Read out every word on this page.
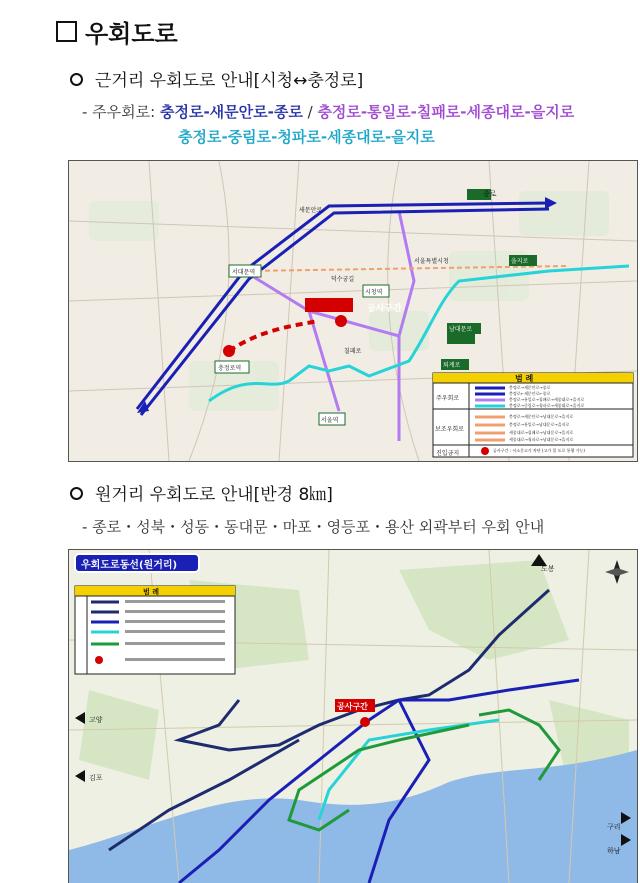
우회도로
근거리 우회도로 안내[시청↔충정로]
- 주우회로: 충정로-새문안로-종로 / 충정로-통일로-칠패로-세종대로-을지로
충정로-중림로-청파로-세종대로-을지로
종로
공사구간
서대문역
충정로역
시청역
을지로
남대문로
퇴계로
서울역
새문안로
서울특별시청
칠패로
덕수궁길
범 례
주우회로
보조우회로
진입금지
충정로→새문안로→종로
충정로←새문안로←종로
충정로→통일로→칠패로→세종대로→을지로
충정로→중림로→청파로→세종대로→을지로
충정로→새문안로→남대문로→을지로
충정로→통일로→남대문로→을지로
세종대로→칠패로→남대문로→을지로
세종대로→청파로→남대문로→을지로
공사구간 : 서소문고가 차단 (고가 밑 도로 통행 가능)
원거리 우회도로 안내[반경 8㎞]
- 종로・성북・성동・동대문・마포・영등포・용산 외곽부터 우회 안내
우회도로동선(원거리)
범 례
공사구간
도봉
고양
김포
구리
하남
